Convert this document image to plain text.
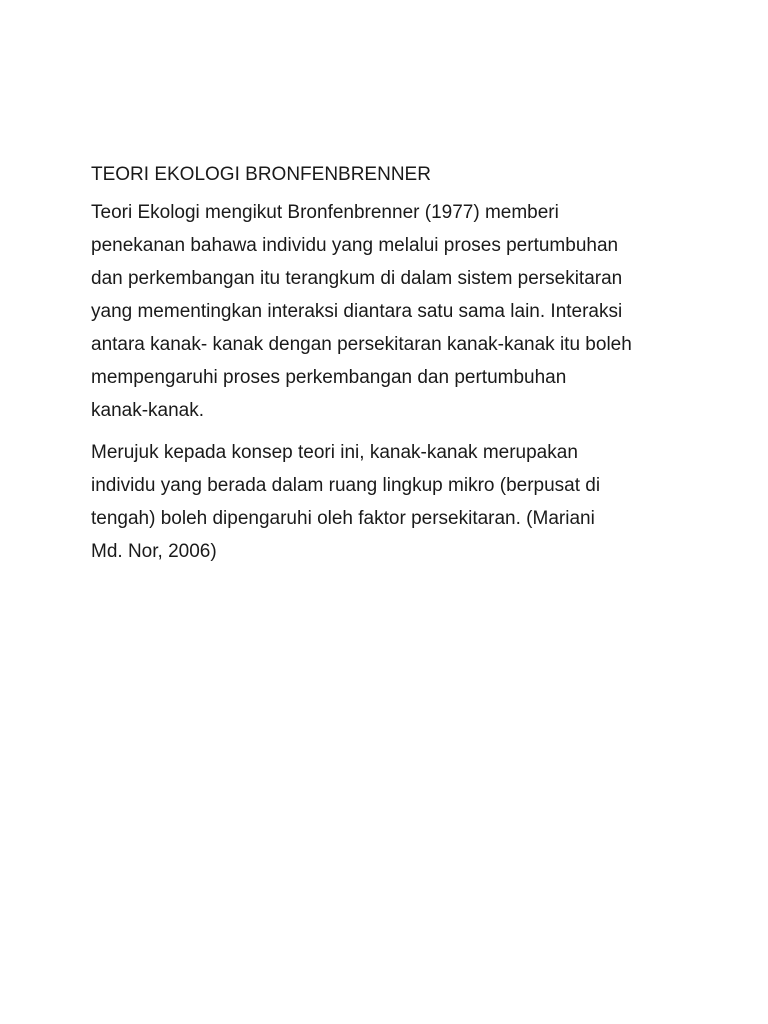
TEORI EKOLOGI BRONFENBRENNER

Teori Ekologi mengikut Bronfenbrenner (1977) memberi
penekanan bahawa individu yang melalui proses pertumbuhan
dan perkembangan itu terangkum di dalam sistem persekitaran
yang mementingkan interaksi diantara satu sama lain. Interaksi
antara kanak- kanak dengan persekitaran kanak-kanak itu boleh
mempengaruhi proses perkembangan dan pertumbuhan
kanak-kanak.

Merujuk kepada konsep teori ini, kanak-kanak merupakan
individu yang berada dalam ruang lingkup mikro (berpusat di
tengah) boleh dipengaruhi oleh faktor persekitaran. (Mariani
Md. Nor, 2006)
